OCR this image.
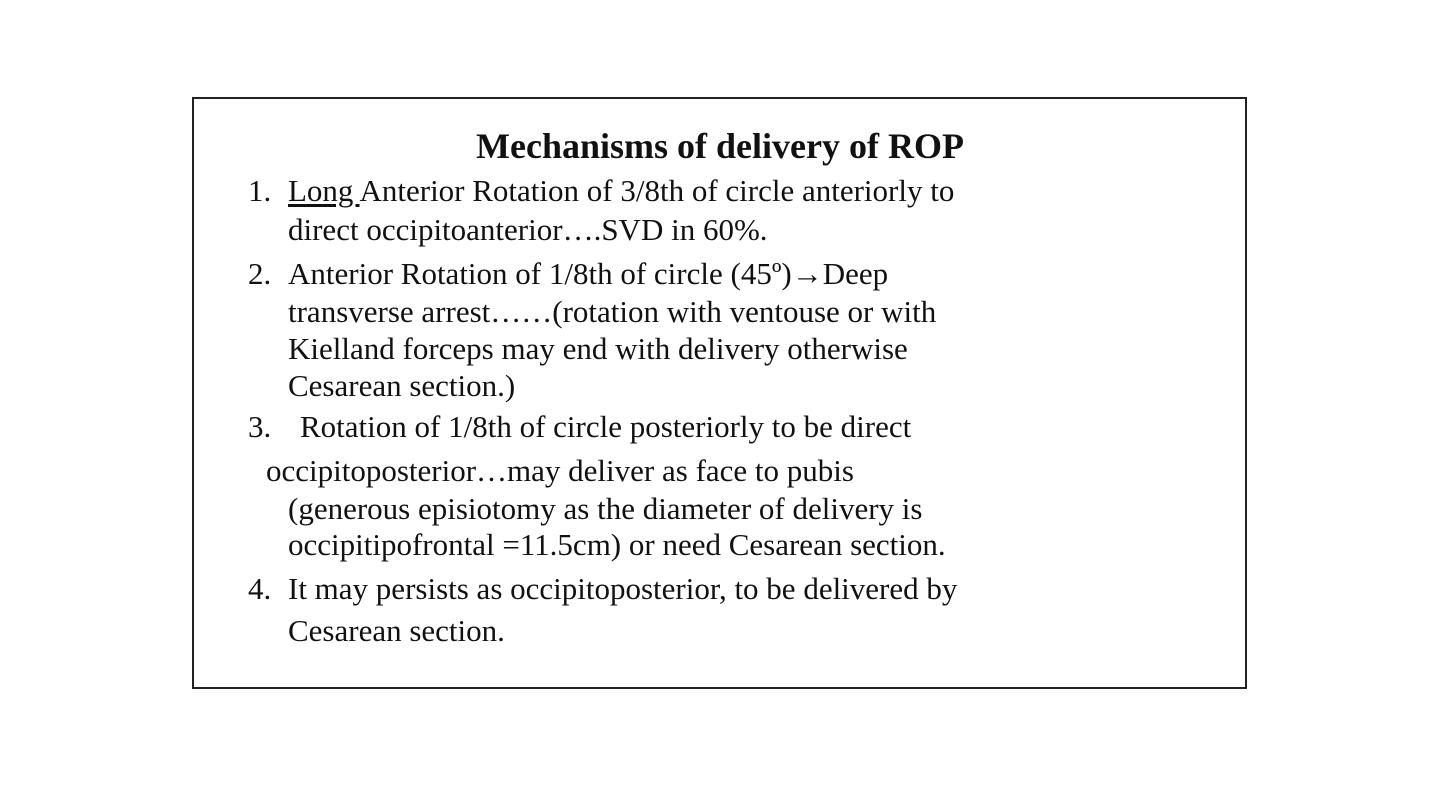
Mechanisms of delivery of ROP
1. Long Anterior Rotation of 3/8th of circle anteriorly to
direct occipitoanterior….SVD in 60%.
2. Anterior Rotation of 1/8th of circle (45º)→Deep
transverse arrest……(rotation with ventouse or with
Kielland forceps may end with delivery otherwise
Cesarean section.)
3. Rotation of 1/8th of circle posteriorly to be direct
occipitoposterior…may deliver as face to pubis
(generous episiotomy as the diameter of delivery is
occipitipofrontal =11.5cm) or need Cesarean section.
4. It may persists as occipitoposterior, to be delivered by
Cesarean section.
